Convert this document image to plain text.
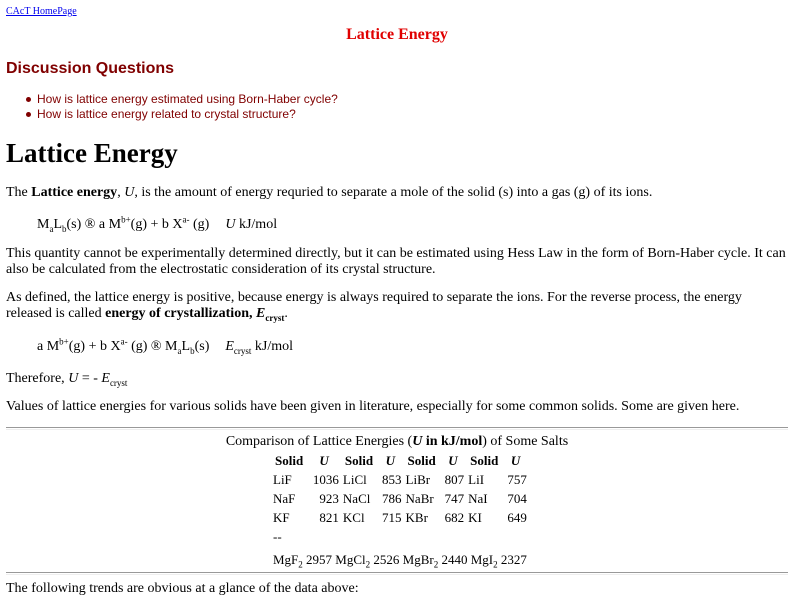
CAcT HomePage
Lattice Energy
Discussion Questions
How is lattice energy estimated using Born-Haber cycle?
How is lattice energy related to crystal structure?
Lattice Energy
The Lattice energy, U, is the amount of energy requried to separate a mole of the solid (s) into a gas (g) of its ions.
$M_aL_b(s)$ ® a $M^{b+}(g) + b$ $X^{a-}$ (g) U kJ/mol
This quantity cannot be experimentally determined directly, but it can be estimated using Hess Law in the form of Born-Haber cycle. It can also be calculated from the electrostatic consideration of its crystal structure.
As defined, the lattice energy is positive, because energy is always required to separate the ions. For the reverse process, the energy released is called energy of crystallization, $E_{cryst}$.
a $M^{b+}(g) + b$ $X^{a-}$ (g) ® $M_aL_b(s)$ $E_{cryst}$ kJ/mol
Therefore, U = - $E_{cryst}$
Values of lattice energies for various solids have been given in literature, especially for some common solids. Some are given here.
Comparison of Lattice Energies (U in kJ/mol) of Some Salts
Solid	U	Solid	U	Solid	U	Solid	U
LiF	1036	LiCl	853	LiBr	807	LiI	757
NaF	923	NaCl	786	NaBr	747	NaI	704
KF	821	KCl	715	KBr	682	KI	649
--							
MgF$_2$ 2957 MgCl$_2$ 2526 MgBr$_2$ 2440 MgI$_2$ 2327							
The following trends are obvious at a glance of the data above:
